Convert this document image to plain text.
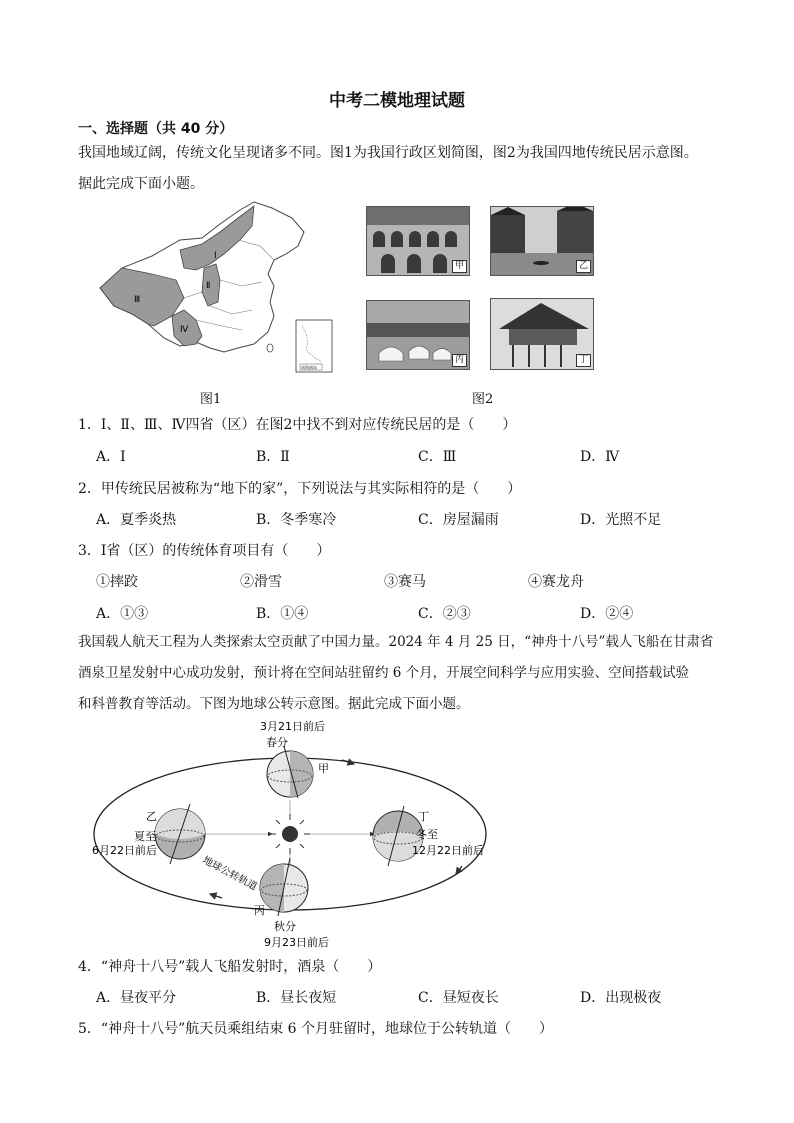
中考二模地理试题
一、选择题（共 40 分）
我国地域辽阔，传统文化呈现诸多不同。图1为我国行政区划简图，图2为我国四地传统民居示意图。
据此完成下面小题。
Ⅰ
Ⅱ
Ⅲ
Ⅳ
南海诸岛
图1
甲	乙
丙	丁
图2
1．Ⅰ、Ⅱ、Ⅲ、Ⅳ四省（区）在图2中找不到对应传统民居的是（　　）
A．Ⅰ	B．Ⅱ	C．Ⅲ	D．Ⅳ
2．甲传统民居被称为“地下的家”，下列说法与其实际相符的是（　　）
A．夏季炎热	B．冬季寒冷	C．房屋漏雨	D．光照不足
3．Ⅰ省（区）的传统体育项目有（　　）
①摔跤	②滑雪	③赛马	④赛龙舟
A．①③	B．①④	C．②③	D．②④
我国载人航天工程为人类探索太空贡献了中国力量。2024 年 4 月 25 日，“神舟十八号”载人飞船在甘肃省
酒泉卫星发射中心成功发射，预计将在空间站驻留约 6 个月，开展空间科学与应用实验、空间搭载试验
和科普教育等活动。下图为地球公转示意图。据此完成下面小题。
3月21日前后
春分
甲
乙
夏至
6月22日前后
丁
冬至
12月22日前后
丙
秋分
9月23日前后
地球公转轨道
4．“神舟十八号”载人飞船发射时，酒泉（　　）
A．昼夜平分	B．昼长夜短	C．昼短夜长	D．出现极夜
5．“神舟十八号”航天员乘组结束 6 个月驻留时，地球位于公转轨道（　　）
